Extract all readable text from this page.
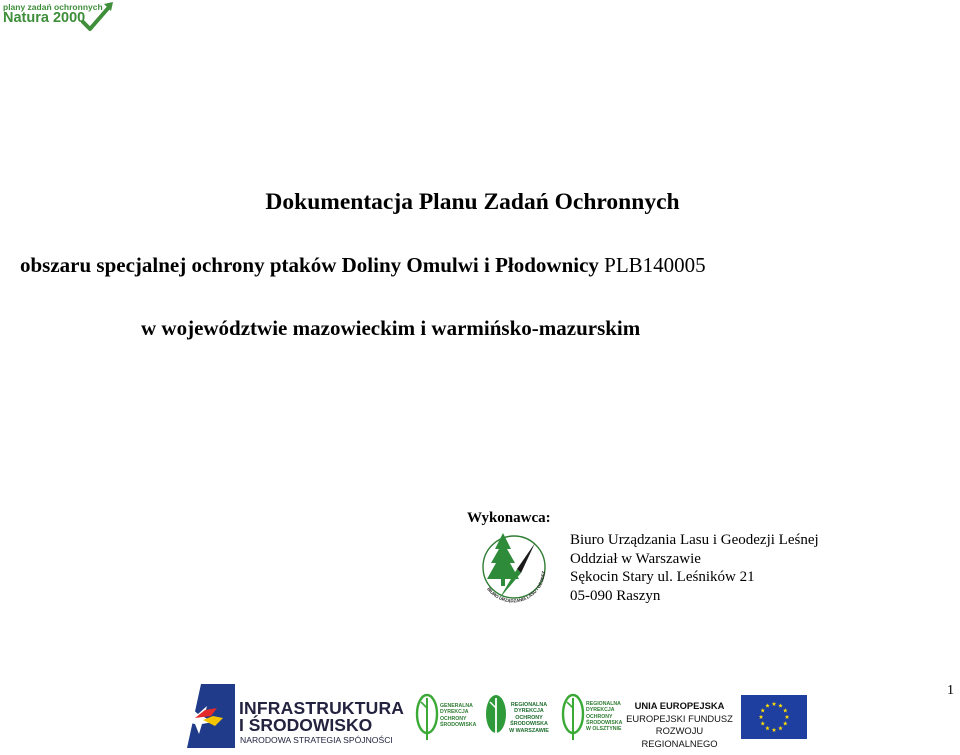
plany zadań ochronnych
Natura 2000
Dokumentacja Planu Zadań Ochronnych
obszaru specjalnej ochrony ptaków Doliny Omulwi i Płodownicy PLB140005
w województwie mazowieckim i warmińsko-mazurskim
Wykonawca:
BIURO URZĄDZANIA LASU I GEODEZ
Biuro Urządzania Lasu i Geodezji Leśnej
Oddział w Warszawie
Sękocin Stary ul. Leśników 21
05-090 Raszyn
1
INFRASTRUKTURA
I ŚRODOWISKO
NARODOWA STRATEGIA SPÓJNOŚCI
GENERALNA
DYREKCJA
OCHRONY
ŚRODOWISKA
REGIONALNA
DYREKCJA
OCHRONY
ŚRODOWISKA
W WARSZAWIE
REGIONALNA
DYREKCJA
OCHRONY
ŚRODOWISKA
W OLSZTYNIE
UNIA EUROPEJSKA
EUROPEJSKI FUNDUSZ
ROZWOJU REGIONALNEGO
